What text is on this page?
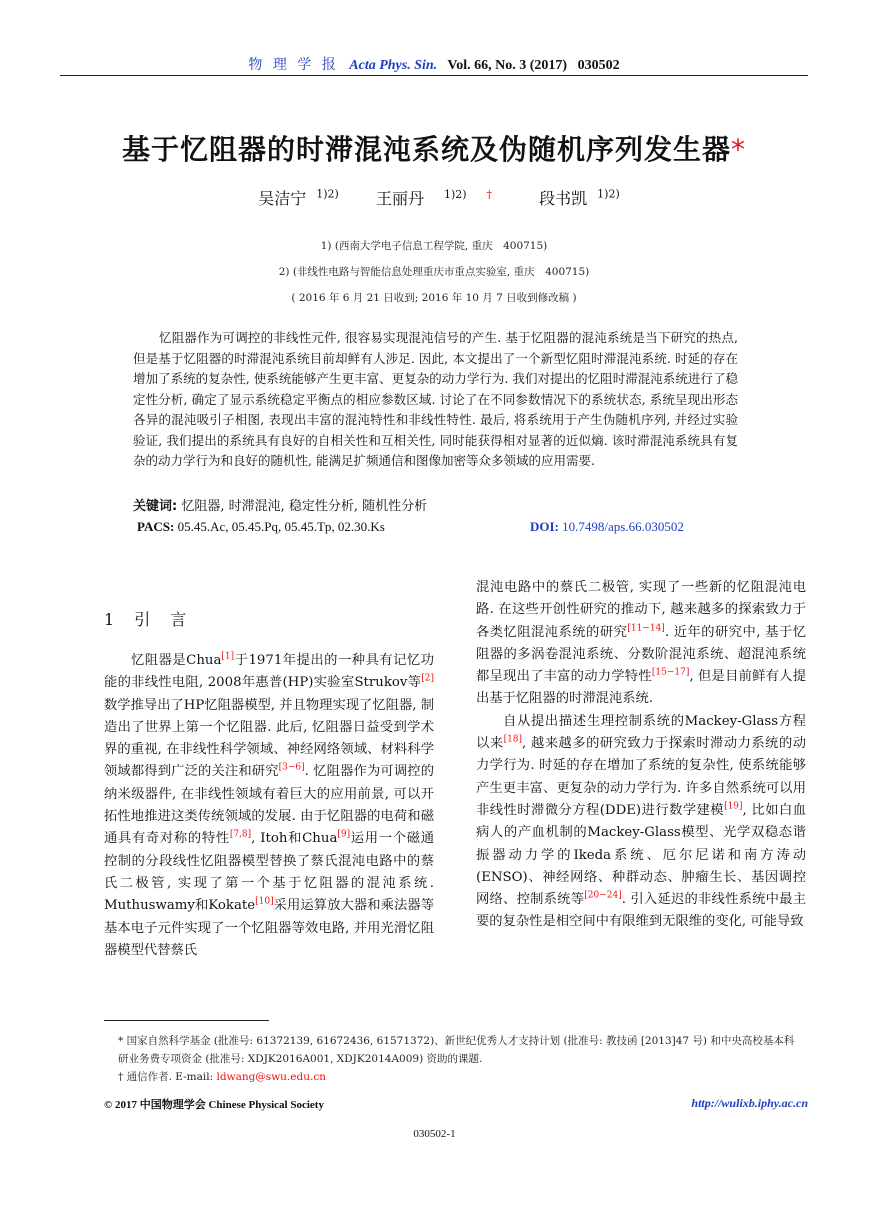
物 理 学 报 Acta Phys. Sin. Vol. 66, No. 3 (2017) 030502
基于忆阻器的时滞混沌系统及伪随机序列发生器*
吴洁宁 $^{1)2)}$ 王丽丹 $^{1)2) \dagger}$	段书凯 $^{1)2)}$
1) (西南大学电子信息工程学院, 重庆　400715)
2) (非线性电路与智能信息处理重庆市重点实验室, 重庆　400715)
( 2016 年 6 月 21 日收到; 2016 年 10 月 7 日收到修改稿 )
忆阻器作为可调控的非线性元件, 很容易实现混沌信号的产生. 基于忆阻器的混沌系统是当下研究的热点, 但是基于忆阻器的时滞混沌系统目前却鲜有人涉足. 因此, 本文提出了一个新型忆阻时滞混沌系统. 时延的存在增加了系统的复杂性, 使系统能够产生更丰富、更复杂的动力学行为. 我们对提出的忆阻时滞混沌系统进行了稳定性分析, 确定了显示系统稳定平衡点的相应参数区域. 讨论了在不同参数情况下的系统状态, 系统呈现出形态各异的混沌吸引子相图, 表现出丰富的混沌特性和非线性特性. 最后, 将系统用于产生伪随机序列, 并经过实验验证, 我们提出的系统具有良好的自相关性和互相关性, 同时能获得相对显著的近似熵. 该时滞混沌系统具有复杂的动力学行为和良好的随机性, 能满足扩频通信和图像加密等众多领域的应用需要.
关键词: 忆阻器, 时滞混沌, 稳定性分析, 随机性分析
PACS: 05.45.Ac, 05.45.Pq, 05.45.Tp, 02.30.Ks	DOI: 10.7498/aps.66.030502
1引言

忆阻器是Chua[1]于1971年提出的一种具有记忆功能的非线性电阻, 2008年惠普(HP)实验室Strukov等[2]数学推导出了HP忆阻器模型, 并且物理实现了忆阻器, 制造出了世界上第一个忆阻器. 此后, 忆阻器日益受到学术界的重视, 在非线性科学领域、神经网络领域、材料科学领域都得到广泛的关注和研究[3−6]. 忆阻器作为可调控的纳米级器件, 在非线性领域有着巨大的应用前景, 可以开拓性地推进这类传统领域的发展. 由于忆阻器的电荷和磁通具有奇对称的特性[7,8], Itoh和Chua[9]运用一个磁通控制的分段线性忆阻器模型替换了蔡氏混沌电路中的蔡氏二极管, 实现了第一个基于忆阻器的混沌系统. Muthuswamy和Kokate[10]采用运算放大器和乘法器等基本电子元件实现了一个忆阻器等效电路, 并用光滑忆阻器模型代替蔡氏

混沌电路中的蔡氏二极管, 实现了一些新的忆阻混沌电路. 在这些开创性研究的推动下, 越来越多的探索致力于各类忆阻混沌系统的研究[11−14]. 近年的研究中, 基于忆阻器的多涡卷混沌系统、分数阶混沌系统、超混沌系统都呈现出了丰富的动力学特性[15−17], 但是目前鲜有人提出基于忆阻器的时滞混沌系统.

自从提出描述生理控制系统的Mackey-Glass方程以来[18], 越来越多的研究致力于探索时滞动力系统的动力学行为. 时延的存在增加了系统的复杂性, 使系统能够产生更丰富、更复杂的动力学行为. 许多自然系统可以用非线性时滞微分方程(DDE)进行数学建模[19], 比如白血病人的产血机制的Mackey-Glass模型、光学双稳态谐振器动力学的Ikeda系统、厄尔尼诺和南方涛动(ENSO)、神经网络、种群动态、肿瘤生长、基因调控网络、控制系统等[20−24]. 引入延迟的非线性系统中最主要的复杂性是相空间中有限维到无限维的变化, 可能导致

* 国家自然科学基金 (批准号: 61372139, 61672436, 61571372)、新世纪优秀人才支持计划 (批准号: 教技函 [2013]47 号) 和中央高校基本科研业务费专项资金 (批准号: XDJK2016A001, XDJK2014A009) 资助的课题.

† 通信作者. E-mail: ldwang@swu.edu.cn

© 2017 中国物理学会 Chinese Physical Society	http://wulixb.iphy.ac.cn
030502-1
